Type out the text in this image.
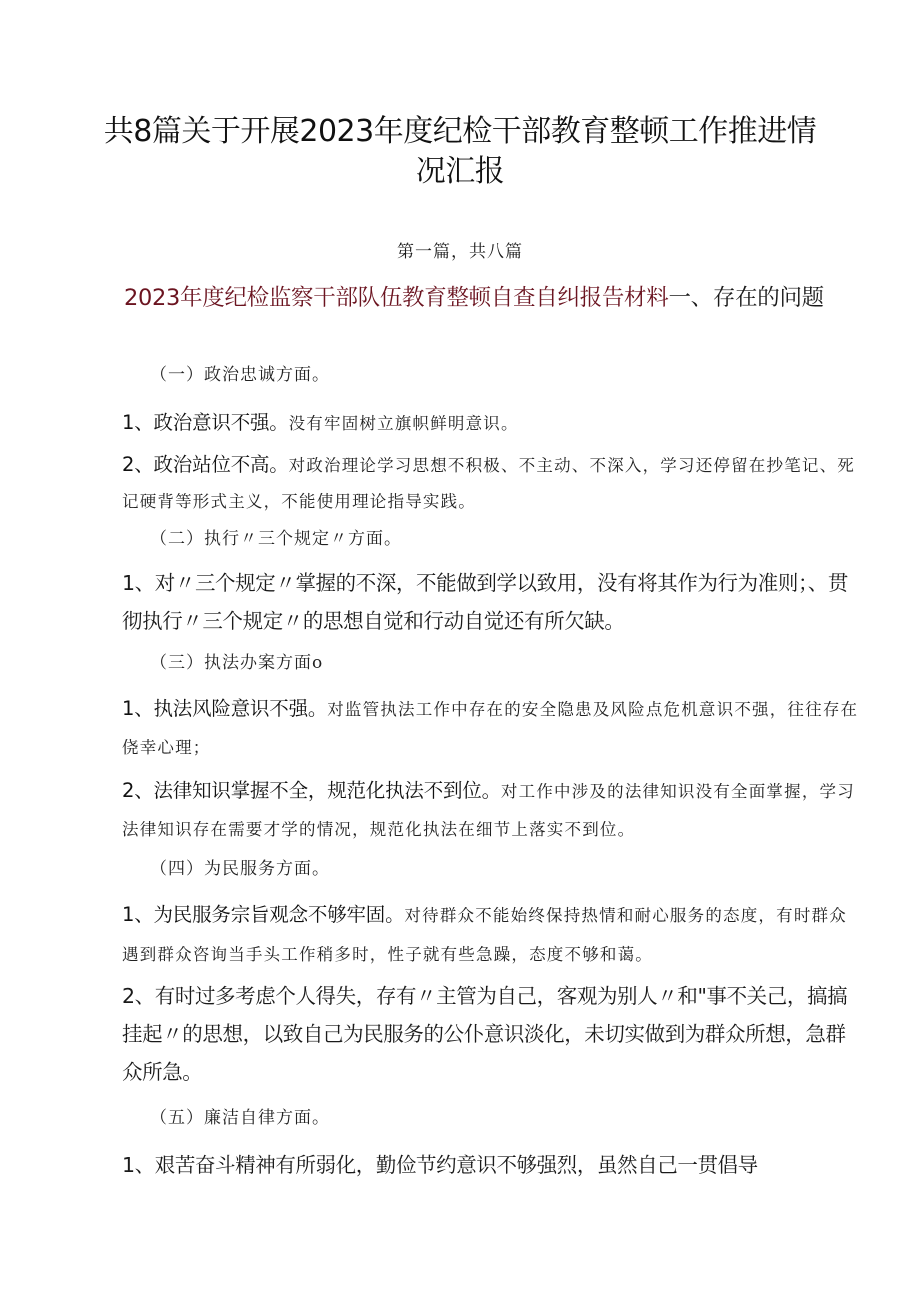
共8篇关于开展2023年度纪检干部教育整顿工作推进情况汇报
第一篇，共八篇
2023年度纪检监察干部队伍教育整顿自查自纠报告材料一、存在的问题
（一）政治忠诚方面。
1、政治意识不强。没有牢固树立旗帜鲜明意识。
2、政治站位不高。对政治理论学习思想不积极、不主动、不深入，学习还停留在抄笔记、死记硬背等形式主义，不能使用理论指导实践。
（二）执行〃三个规定〃方面。
1、对〃三个规定〃掌握的不深，不能做到学以致用，没有将其作为行为准则；、贯彻执行〃三个规定〃的思想自觉和行动自觉还有所欠缺。
（三）执法办案方面o
1、执法风险意识不强。对监管执法工作中存在的安全隐患及风险点危机意识不强，往往存在侥幸心理；
2、法律知识掌握不全，规范化执法不到位。对工作中涉及的法律知识没有全面掌握，学习法律知识存在需要才学的情况，规范化执法在细节上落实不到位。
（四）为民服务方面。
1、为民服务宗旨观念不够牢固。对待群众不能始终保持热情和耐心服务的态度，有时群众遇到群众咨询当手头工作稍多时，性子就有些急躁，态度不够和蔼。
2、有时过多考虑个人得失，存有〃主管为自己，客观为别人〃和"事不关己，搞搞挂起〃的思想，以致自己为民服务的公仆意识淡化，未切实做到为群众所想，急群众所急。
（五）廉洁自律方面。
1、艰苦奋斗精神有所弱化，勤俭节约意识不够强烈，虽然自己一贯倡导
